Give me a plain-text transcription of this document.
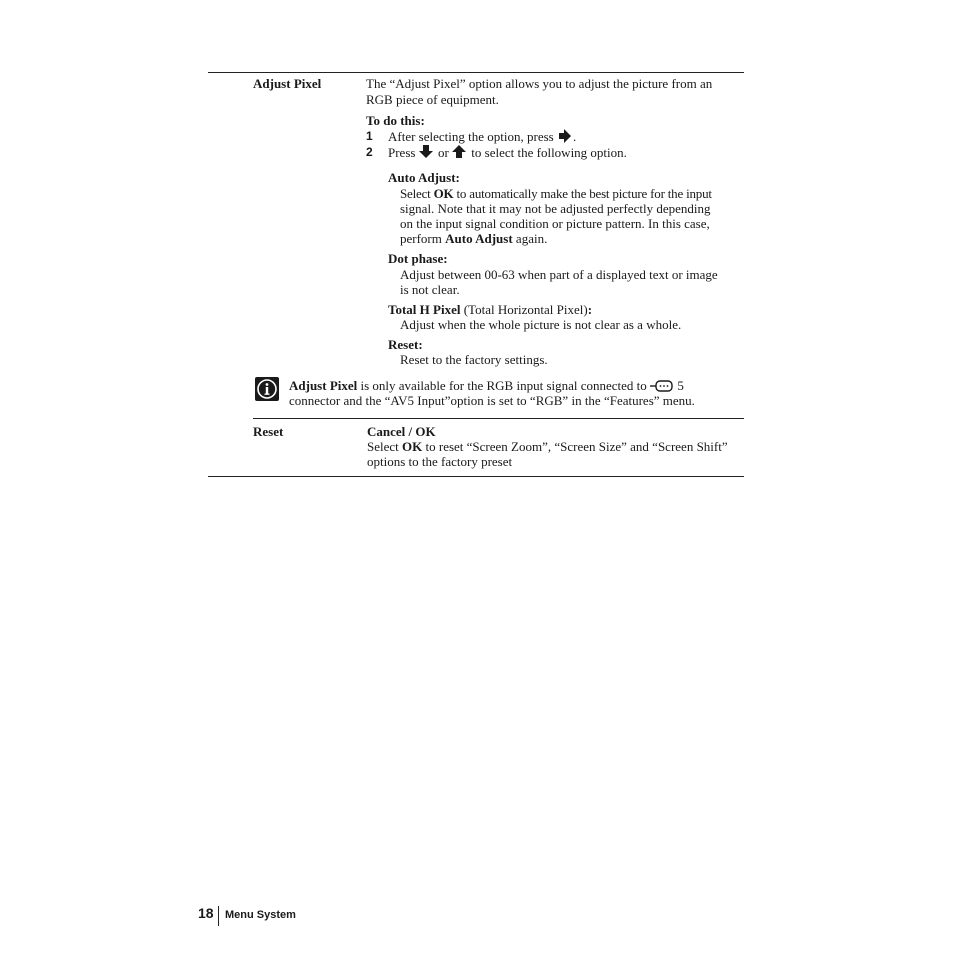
Adjust Pixel	The “Adjust Pixel” option allows you to adjust the picture from an
RGB piece of equipment.
To do this:
1 After selecting the option, press .
2 Press or to select the following option.
Auto Adjust:
Select OK to automatically make the best picture for the input
signal. Note that it may not be adjusted perfectly depending
on the input signal condition or picture pattern. In this case,
perform Auto Adjust again.
Dot phase:
Adjust between 00-63 when part of a displayed text or image
is not clear.
Total H Pixel (Total Horizontal Pixel):
Adjust when the whole picture is not clear as a whole.
Reset:
Reset to the factory settings.
Adjust Pixel is only available for the RGB input signal connected to  5
connector and the “AV5 Input”option is set to “RGB” in the “Features” menu.
Reset	Cancel / OK
Select OK to reset “Screen Zoom”, “Screen Size” and “Screen Shift”
options to the factory preset
18 Menu System
